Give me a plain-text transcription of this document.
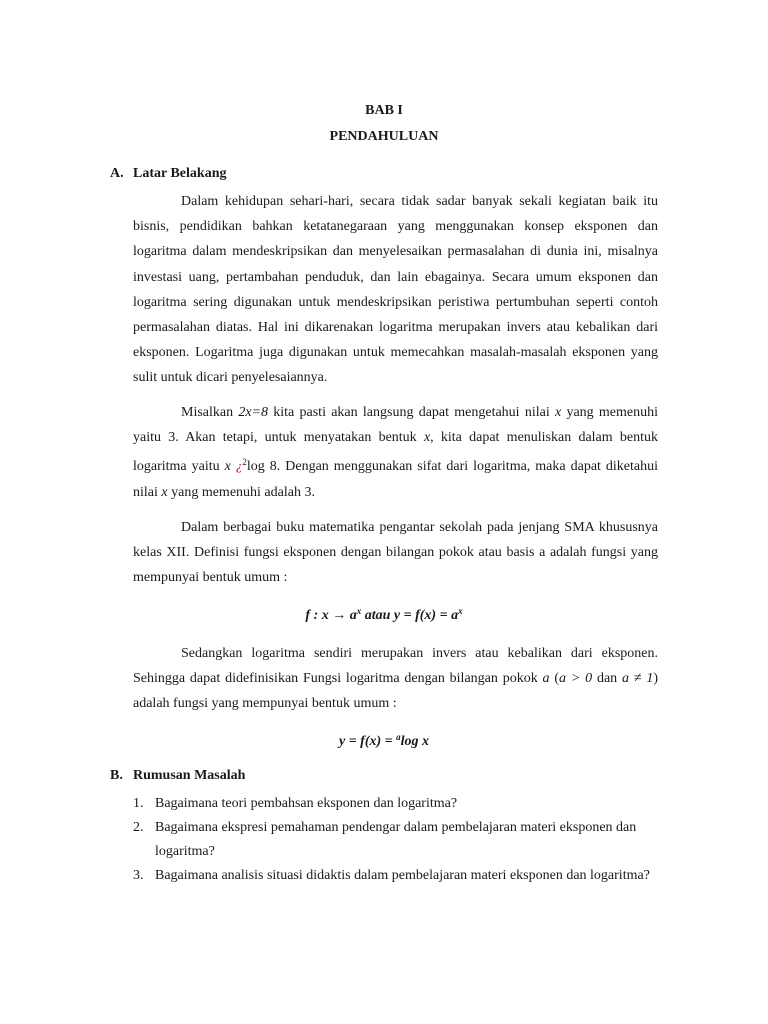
BAB I
PENDAHULUAN
A. Latar Belakang

Dalam kehidupan sehari-hari, secara tidak sadar banyak sekali kegiatan baik itu bisnis, pendidikan bahkan ketatanegaraan yang menggunakan konsep eksponen dan logaritma dalam mendeskripsikan dan menyelesaikan permasalahan di dunia ini, misalnya investasi uang, pertambahan penduduk, dan lain ebagainya. Secara umum eksponen dan logaritma sering digunakan untuk mendeskripsikan peristiwa pertumbuhan seperti contoh permasalahan diatas. Hal ini dikarenakan logaritma merupakan invers atau kebalikan dari eksponen. Logaritma juga digunakan untuk memecahkan masalah-masalah eksponen yang sulit untuk dicari penyelesaiannya.

Misalkan 2x=8 kita pasti akan langsung dapat mengetahui nilai x yang memenuhi yaitu 3. Akan tetapi, untuk menyatakan bentuk x, kita dapat menuliskan dalam bentuk logaritma yaitu x ¿$^2$log 8. Dengan menggunakan sifat dari logaritma, maka dapat diketahui nilai x yang memenuhi adalah 3.

Dalam berbagai buku matematika pengantar sekolah pada jenjang SMA khususnya kelas XII. Definisi fungsi eksponen dengan bilangan pokok atau basis a adalah fungsi yang mempunyai bentuk umum :

f : $x \to a^x$ atau $y = f(x) = a^x$

Sedangkan logaritma sendiri merupakan invers atau kebalikan dari eksponen. Sehingga dapat didefinisikan Fungsi logaritma dengan bilangan pokok a (a > 0 dan a ≠ 1) adalah fungsi yang mempunyai bentuk umum :

y = f(x) = $^a$log x
B. Rumusan Masalah
1. Bagaimana teori pembahsan eksponen dan logaritma?
2. Bagaimana ekspresi pemahaman pendengar dalam pembelajaran materi eksponen dan logaritma?
3. Bagaimana analisis situasi didaktis dalam pembelajaran materi eksponen dan logaritma?
